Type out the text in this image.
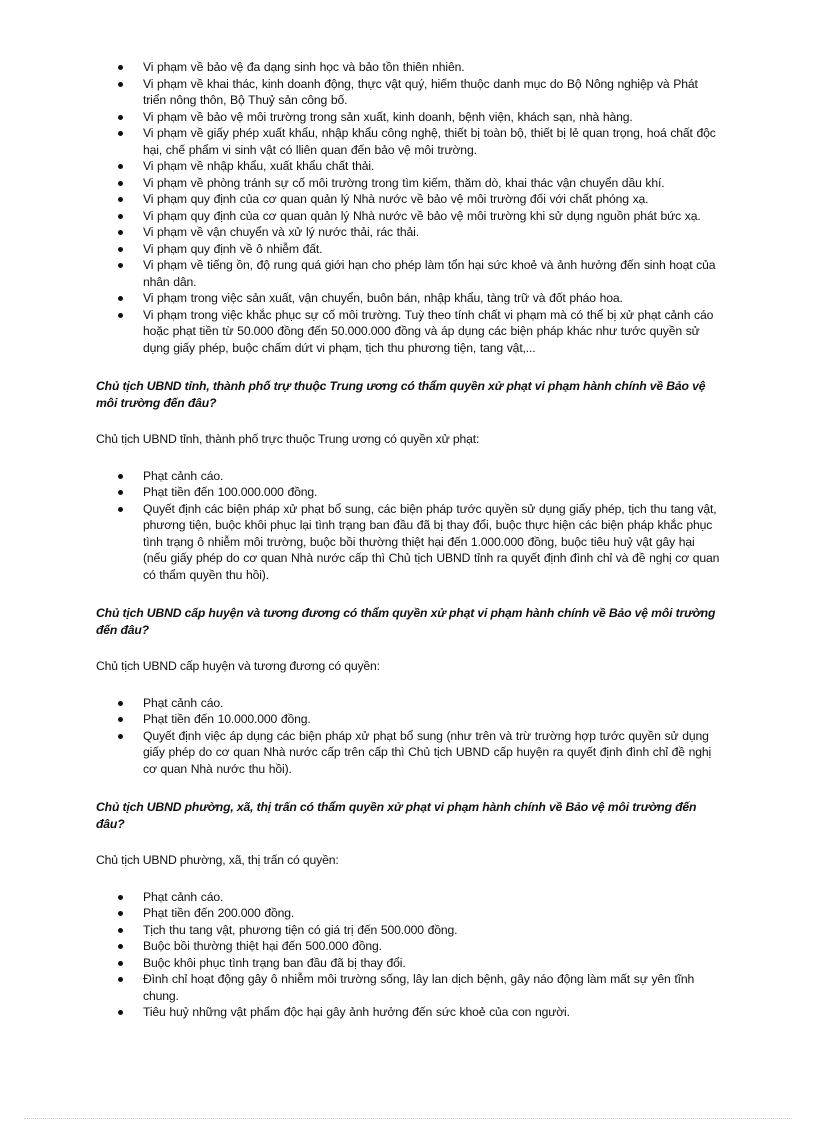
Vi phạm về bảo vệ đa dạng sinh học và bảo tồn thiên nhiên.
Vi phạm về khai thác, kinh doanh động, thực vật quý, hiếm thuộc danh mục do Bộ Nông nghiệp và Phát triển nông thôn, Bộ Thuỷ sản công bố.
Vi phạm về bảo vệ môi trường trong sản xuất, kinh doanh, bệnh viện, khách sạn, nhà hàng.
Vi phạm về giấy phép xuất khẩu, nhập khẩu công nghệ, thiết bị toàn bộ, thiết bị lẻ quan trọng, hoá chất độc hại, chế phẩm vi sinh vật có lliên quan đến bảo vệ môi trường.
Vi phạm về nhập khẩu, xuất khẩu chất thải.
Vi phạm về phòng tránh sự cố môi trường trong tìm kiếm, thăm dò, khai thác vận chuyển dầu khí.
Vi phạm quy định của cơ quan quản lý Nhà nước về bảo vệ môi trường đối với chất phóng xạ.
Vi phạm quy định của cơ quan quản lý Nhà nước về bảo vệ môi trường khi sử dụng nguồn phát bức xạ.
Vi phạm về vận chuyển và xử lý nước thải, rác thải.
Vi phạm quy định về ô nhiễm đất.
Vi phạm về tiếng ồn, độ rung quá giới hạn cho phép làm tổn hại sức khoẻ và ảnh hưởng đến sinh hoạt của nhân dân.
Vi phạm trong việc sản xuất, vận chuyển, buôn bán, nhập khẩu, tàng trữ và đốt pháo hoa.
Vi phạm trong việc khắc phục sự cố môi trường. Tuỳ theo tính chất vi phạm mà có thể bị xử phạt cảnh cáo hoặc phạt tiền từ 50.000 đồng đến 50.000.000 đồng và áp dụng các biện pháp khác như tước quyền sử dụng giấy phép, buộc chấm dứt vi phạm, tịch thu phương tiện, tang vật,...

Chủ tịch UBND tỉnh, thành phố trự thuộc Trung ương có thẩm quyền xử phạt vi phạm hành chính về Bảo vệ môi trường đến đâu?

Chủ tịch UBND tỉnh, thành phố trực thuộc Trung ương có quyền xử phạt:

Phạt cảnh cáo.
Phạt tiền đến 100.000.000 đồng.
Quyết định các biện pháp xử phạt bổ sung, các biện pháp tước quyền sử dụng giấy phép, tịch thu tang vật, phương tiện, buộc khôi phục lại tình trạng ban đầu đã bị thay đổi, buộc thực hiện các biện pháp khắc phục tình trạng ô nhiễm môi trường, buộc bồi thường thiệt hại đến 1.000.000 đồng, buộc tiêu huỷ vật gây hại (nếu giấy phép do cơ quan Nhà nước cấp thì Chủ tịch UBND tỉnh ra quyết định đình chỉ và đề nghị cơ quan có thẩm quyền thu hồi).

Chủ tịch UBND cấp huyện và tương đương có thẩm quyền xử phạt vi phạm hành chính về Bảo vệ môi trường đến đâu?

Chủ tịch UBND cấp huyện và tương đương có quyền:

Phạt cảnh cáo.
Phạt tiền đến 10.000.000 đồng.
Quyết định việc áp dụng các biện pháp xử phạt bổ sung (như trên và trừ trường hợp tước quyền sử dụng giấy phép do cơ quan Nhà nước cấp trên cấp thì Chủ tịch UBND cấp huyện ra quyết định đình chỉ đề nghị cơ quan Nhà nước thu hồi).

Chủ tịch UBND phường, xã, thị trấn có thẩm quyền xử phạt vi phạm hành chính về Bảo vệ môi trường đến đâu?

Chủ tịch UBND phường, xã, thị trấn có quyền:

Phạt cảnh cáo.
Phạt tiền đến 200.000 đồng.
Tịch thu tang vật, phương tiện có giá trị đến 500.000 đồng.
Buộc bồi thường thiệt hại đến 500.000 đồng.
Buộc khôi phục tình trạng ban đầu đã bị thay đổi.
Đình chỉ hoạt động gây ô nhiễm môi trường sống, lây lan dịch bệnh, gây náo động làm mất sự yên tĩnh chung.
Tiêu huỷ những vật phẩm độc hại gây ảnh hưởng đến sức khoẻ của con người.
